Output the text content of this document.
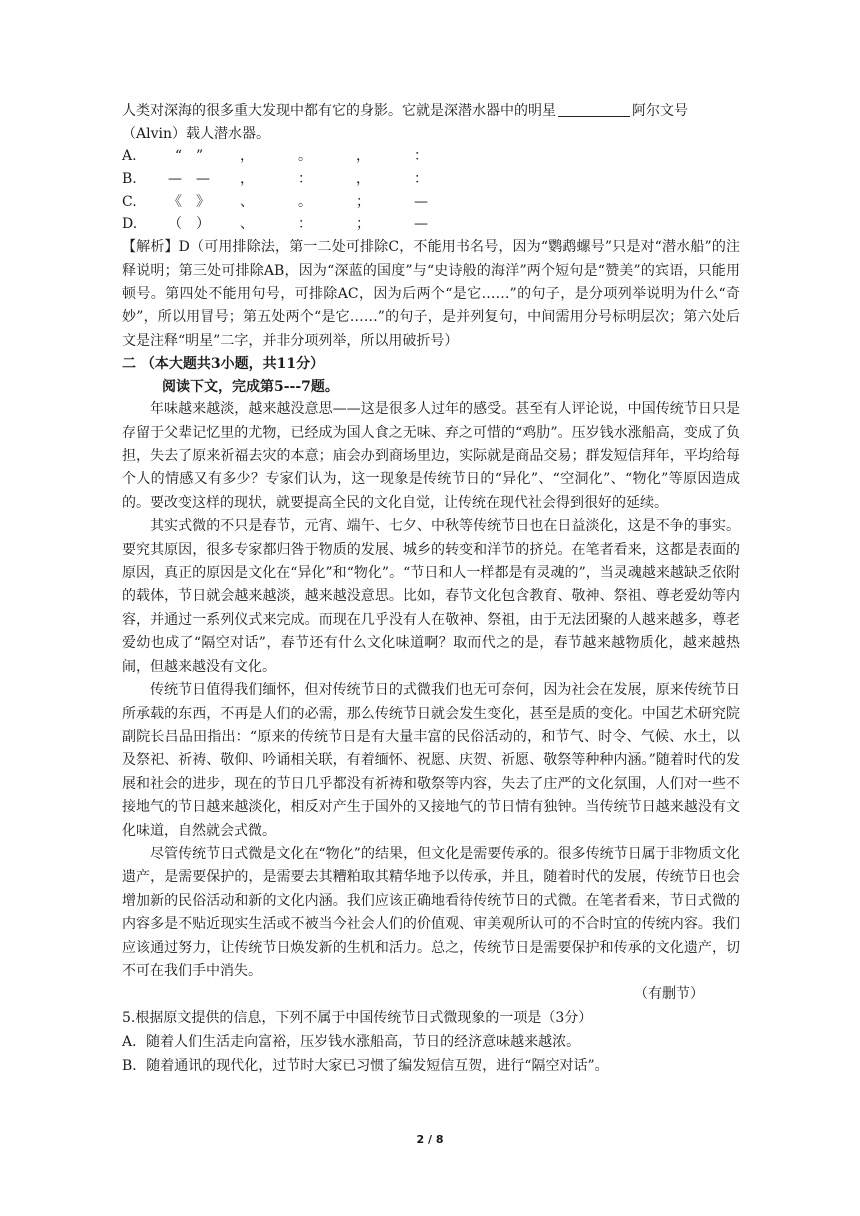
人类对深海的很多重大发现中都有它的身影。它就是深潜水器中的明星	阿尔文号
（Alvin）载人潜水器。
A.	“　”	，	。	，	：
B.	—　—	，	：	，	：
C.	《　》	、	。	；	—
D.	（　）	、	：	；	—

【解析】D（可用排除法，第一二处可排除C，不能用书名号，因为“鹦鹉螺号”只是对“潜水船”的注释说明；第三处可排除AB，因为“深蓝的国度”与“史诗般的海洋”两个短句是“赞美”的宾语，只能用顿号。第四处不能用句号，可排除AC，因为后两个“是它……”的句子，是分项列举说明为什么“奇妙”，所以用冒号；第五处两个“是它……”的句子，是并列复句，中间需用分号标明层次；第六处后文是注释“明星”二字，并非分项列举，所以用破折号）

二 （本大题共3小题，共11分）
阅读下文，完成第5---7题。

年味越来越淡，越来越没意思——这是很多人过年的感受。甚至有人评论说，中国传统节日只是存留于父辈记忆里的尤物，已经成为国人食之无味、弃之可惜的“鸡肋”。压岁钱水涨船高，变成了负担，失去了原来祈福去灾的本意；庙会办到商场里边，实际就是商品交易；群发短信拜年，平均给每个人的情感又有多少？专家们认为，这一现象是传统节日的“异化”、“空洞化”、“物化”等原因造成的。要改变这样的现状，就要提高全民的文化自觉，让传统在现代社会得到很好的延续。

其实式微的不只是春节，元宵、端午、七夕、中秋等传统节日也在日益淡化，这是不争的事实。要究其原因，很多专家都归咎于物质的发展、城乡的转变和洋节的挤兑。在笔者看来，这都是表面的原因，真正的原因是文化在“异化”和“物化”。“节日和人一样都是有灵魂的”，当灵魂越来越缺乏依附的载体，节日就会越来越淡，越来越没意思。比如，春节文化包含教育、敬神、祭祖、尊老爱幼等内容，并通过一系列仪式来完成。而现在几乎没有人在敬神、祭祖，由于无法团聚的人越来越多，尊老爱幼也成了“隔空对话”，春节还有什么文化味道啊？取而代之的是，春节越来越物质化，越来越热闹，但越来越没有文化。

传统节日值得我们缅怀，但对传统节日的式微我们也无可奈何，因为社会在发展，原来传统节日所承载的东西，不再是人们的必需，那么传统节日就会发生变化，甚至是质的变化。中国艺术研究院副院长吕品田指出：“原来的传统节日是有大量丰富的民俗活动的，和节气、时令、气候、水土，以及祭祀、祈祷、敬仰、吟诵相关联，有着缅怀、祝愿、庆贺、祈愿、敬祭等种种内涵。”随着时代的发展和社会的进步，现在的节日几乎都没有祈祷和敬祭等内容，失去了庄严的文化氛围，人们对一些不接地气的节日越来越淡化，相反对产生于国外的又接地气的节日情有独钟。当传统节日越来越没有文化味道，自然就会式微。

尽管传统节日式微是文化在“物化”的结果，但文化是需要传承的。很多传统节日属于非物质文化遗产，是需要保护的，是需要去其糟粕取其精华地予以传承，并且，随着时代的发展，传统节日也会增加新的民俗活动和新的文化内涵。我们应该正确地看待传统节日的式微。在笔者看来，节日式微的内容多是不贴近现实生活或不被当今社会人们的价值观、审美观所认可的不合时宜的传统内容。我们应该通过努力，让传统节日焕发新的生机和活力。总之，传统节日是需要保护和传承的文化遗产，切不可在我们手中消失。

（有删节）
5.根据原文提供的信息，下列不属于中国传统节日式微现象的一项是（3分）
A．随着人们生活走向富裕，压岁钱水涨船高，节日的经济意味越来越浓。
B．随着通讯的现代化，过节时大家已习惯了编发短信互贺，进行“隔空对话”。
2 / 8
